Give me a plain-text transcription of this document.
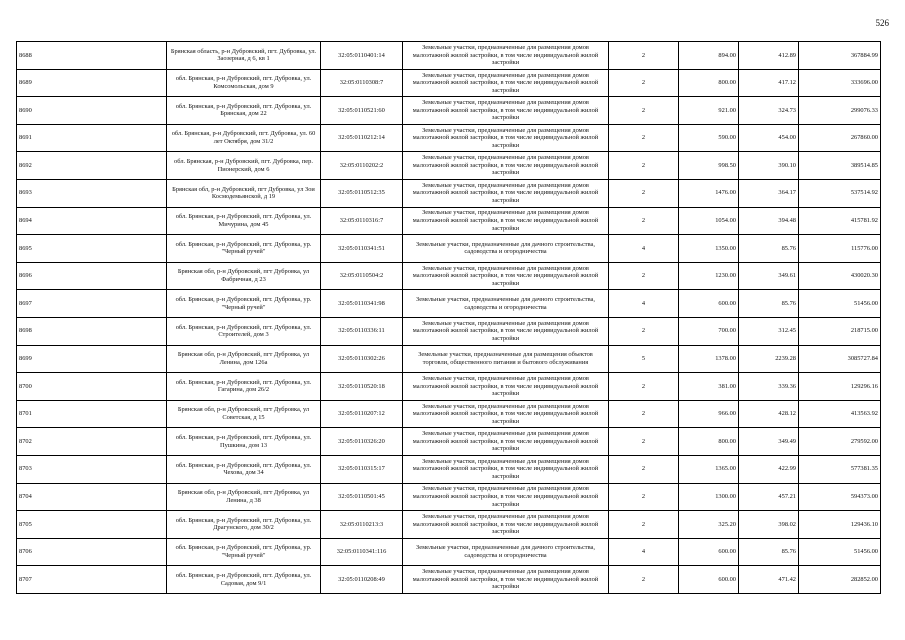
526
8688	Брянская область, р-н Дубровский, пгт. Дубровка, ул. Заозерная, д 6, кв 1	32:05:0110401:14	Земельные участки, предназначенные для размещения домов малоэтажной жилой застройки, в том числе индивидуальной жилой застройки	2	894.00	412.89	367884.99
8689	обл. Брянская, р-н Дубровский, пгт. Дубровка, ул. Комсомольская, дом 9	32:05:0110308:7	Земельные участки, предназначенные для размещения домов малоэтажной жилой застройки, в том числе индивидуальной жилой застройки	2	800.00	417.12	333696.00
8690	обл. Брянская, р-н Дубровский, пгт. Дубровка, ул. Брянская, дом 22	32:05:0110521:60	Земельные участки, предназначенные для размещения домов малоэтажной жилой застройки, в том числе индивидуальной жилой застройки	2	921.00	324.73	299076.33
8691	обл. Брянская, р-н Дубровский, пгт. Дубровка, ул. 60 лет Октября, дом 31/2	32:05:0110212:14	Земельные участки, предназначенные для размещения домов малоэтажной жилой застройки, в том числе индивидуальной жилой застройки	2	590.00	454.00	267860.00
8692	обл. Брянская, р-н Дубровский, пгт. Дубровка, пер. Пионерский, дом 6	32:05:0110202:2	Земельные участки, предназначенные для размещения домов малоэтажной жилой застройки, в том числе индивидуальной жилой застройки	2	998.50	390.10	389514.85
8693	Брянская обл, р-н Дубровский, пгт Дубровка, ул Зои Космодемьянской, д 19	32:05:0110512:35	Земельные участки, предназначенные для размещения домов малоэтажной жилой застройки, в том числе индивидуальной жилой застройки	2	1476.00	364.17	537514.92
8694	обл. Брянская, р-н Дубровский, пгт. Дубровка, ул. Мичурина, дом 45	32:05:0110316:7	Земельные участки, предназначенные для размещения домов малоэтажной жилой застройки, в том числе индивидуальной жилой застройки	2	1054.00	394.48	415781.92
8695	обл. Брянская, р-н Дубровский, пгт. Дубровка, ур. "Черный ручей"	32:05:0110341:51	Земельные участки, предназначенные для дачного строительства, садоводства и огородничества	4	1350.00	85.76	115776.00
8696	Брянская обл, р-н Дубровский, пгт Дубровка, ул Фабричная, д 23	32:05:0110504:2	Земельные участки, предназначенные для размещения домов малоэтажной жилой застройки, в том числе индивидуальной жилой застройки	2	1230.00	349.61	430020.30
8697	обл. Брянская, р-н Дубровский, пгт. Дубровка, ур. "Черный ручей"	32:05:0110341:98	Земельные участки, предназначенные для дачного строительства, садоводства и огородничества	4	600.00	85.76	51456.00
8698	обл. Брянская, р-н Дубровский, пгт. Дубровка, ул. Строителей, дом 3	32:05:0110336:11	Земельные участки, предназначенные для размещения домов малоэтажной жилой застройки, в том числе индивидуальной жилой застройки	2	700.00	312.45	218715.00
8699	Брянская обл, р-н Дубровский, пгт Дубровка, ул Ленина, дом 126а	32:05:0110302:26	Земельные участки, предназначенные для размещения объектов торговли, общественного питания и бытового обслуживания	5	1378.00	2239.28	3085727.84
8700	обл. Брянская, р-н Дубровский, пгт. Дубровка, ул. Гагарина, дом 26/2	32:05:0110520:18	Земельные участки, предназначенные для размещения домов малоэтажной жилой застройки, в том числе индивидуальной жилой застройки	2	381.00	339.36	129296.16
8701	Брянская обл, р-н Дубровский, пгт Дубровка, ул Советская, д 15	32:05:0110207:12	Земельные участки, предназначенные для размещения домов малоэтажной жилой застройки, в том числе индивидуальной жилой застройки	2	966.00	428.12	413563.92
8702	обл. Брянская, р-н Дубровский, пгт. Дубровка, ул. Пушкина, дом 13	32:05:0110326:20	Земельные участки, предназначенные для размещения домов малоэтажной жилой застройки, в том числе индивидуальной жилой застройки	2	800.00	349.49	279592.00
8703	обл. Брянская, р-н Дубровский, пгт. Дубровка, ул. Чехова, дом 34	32:05:0110315:17	Земельные участки, предназначенные для размещения домов малоэтажной жилой застройки, в том числе индивидуальной жилой застройки	2	1365.00	422.99	577381.35
8704	Брянская обл, р-н Дубровский, пгт Дубровка, ул Ленина, д 38	32:05:0110501:45	Земельные участки, предназначенные для размещения домов малоэтажной жилой застройки, в том числе индивидуальной жилой застройки	2	1300.00	457.21	594373.00
8705	обл. Брянская, р-н Дубровский, пгт. Дубровка, ул. Драгунского, дом 30/2	32:05:0110213:3	Земельные участки, предназначенные для размещения домов малоэтажной жилой застройки, в том числе индивидуальной жилой застройки	2	325.20	398.02	129436.10
8706	обл. Брянская, р-н Дубровский, пгт. Дубровка, ур. "Черный ручей"	32:05:0110341:116	Земельные участки, предназначенные для дачного строительства, садоводства и огородничества	4	600.00	85.76	51456.00
8707	обл. Брянская, р-н Дубровский, пгт. Дубровка, ул. Садовая, дом 9/1	32:05:0110208:49	Земельные участки, предназначенные для размещения домов малоэтажной жилой застройки, в том числе индивидуальной жилой застройки	2	600.00	471.42	282852.00
